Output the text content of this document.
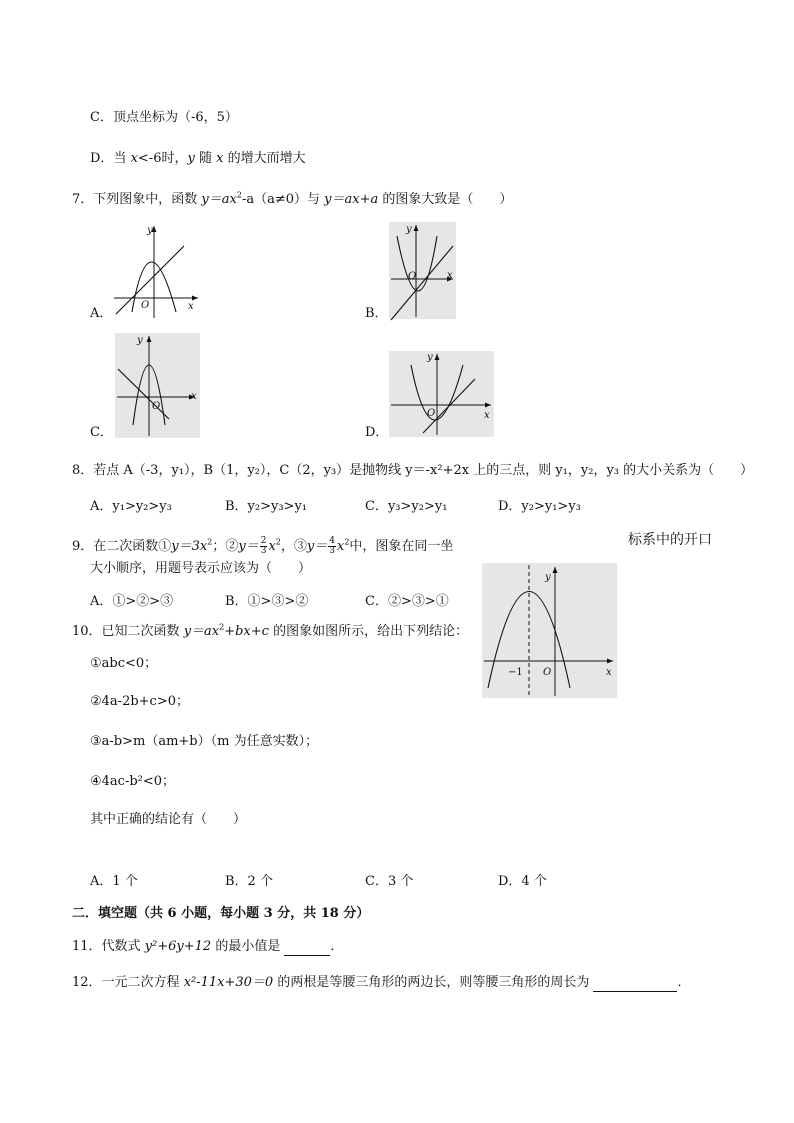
C．顶点坐标为（-6，5）
D．当 x<-6时，y 随 x 的增大而增大
7．下列图象中，函数 $y=ax^2-a(a\ne 0)$与 y＝ax+a 的图象大致是（　　）
y
x
O
A．
y
x
O
B．
y
x
O
C．
y
x
O
D．
8．若点 A（-3，y₁），B（1，y₂），C（2，y₃）是抛物线 y＝-x²+2x 上的三点，则 y₁，y₂，y₃ 的大小关系为（　　）
A．y₁>y₂>y₃	B．y₂>y₃>y₁	C．y₃>y₂>y₁	D．y₂>y₁>y₃
9．在二次函数$①y=3x^2$；②y＝ $\frac{2}{3} x^2$，③y＝ $\frac{4}{3} x^2$中，图象在同一坐	标系中的开口
大小顺序，用题号表示应该为（　　）
A．①>②>③	B．①>③>②	C．②>③>①
y
x
O
−1
10．已知二次函数 $y=ax^2+bx+c$ 的图象如图所示，给出下列结论：
①abc<0；
②4a-2b+c>0；
③a-b>m（am+b）（m 为任意实数）；
④4ac-b²<0；
其中正确的结论有（　　）
A．1 个	B．2 个	C．3 个	D．4 个
二．填空题（共 6 小题，每小题 3 分，共 18 分）
11．代数式 y²+6y+12 的最小值是	．
12．一元二次方程 x²-11x+30＝0 的两根是等腰三角形的两边长，则等腰三角形的周长为	．
